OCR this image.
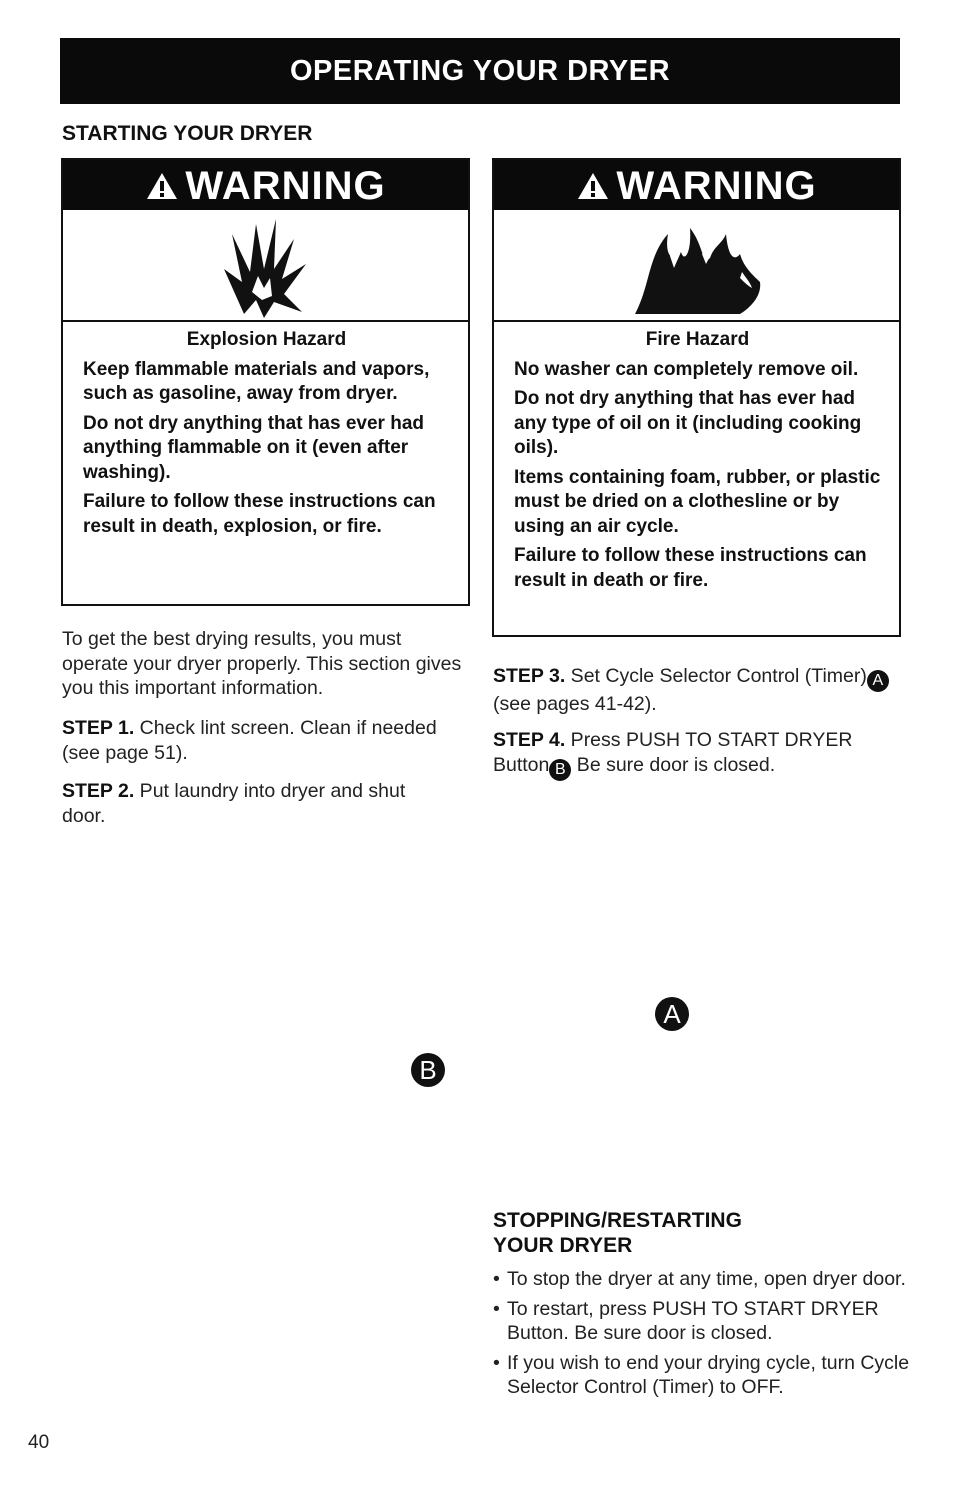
OPERATING YOUR DRYER
STARTING YOUR DRYER
WARNING
Explosion Hazard

Keep flammable materials and vapors, such as gasoline, away from dryer.

Do not dry anything that has ever had anything flammable on it (even after washing).

Failure to follow these instructions can result in death, explosion, or fire.

WARNING
Fire Hazard

No washer can completely remove oil.

Do not dry anything that has ever had any type of oil on it (including cooking oils).

Items containing foam, rubber, or plastic must be dried on a clothesline or by using an air cycle.

Failure to follow these instructions can result in death or fire.

To get the best drying results, you must operate your dryer properly. This section gives you this important information.

STEP 1. Check lint screen. Clean if needed (see page 51).

STEP 2. Put laundry into dryer and shut door.

STEP 3. Set Cycle Selector Control (Timer) A (see pages 41-42).

STEP 4. Press PUSH TO START DRYER Button B Be sure door is closed.

A
B
STOPPING/RESTARTING
YOUR DRYER
• To stop the dryer at any time, open dryer door.
• To restart, press PUSH TO START DRYER Button. Be sure door is closed.
• If you wish to end your drying cycle, turn Cycle Selector Control (Timer) to OFF.
40
